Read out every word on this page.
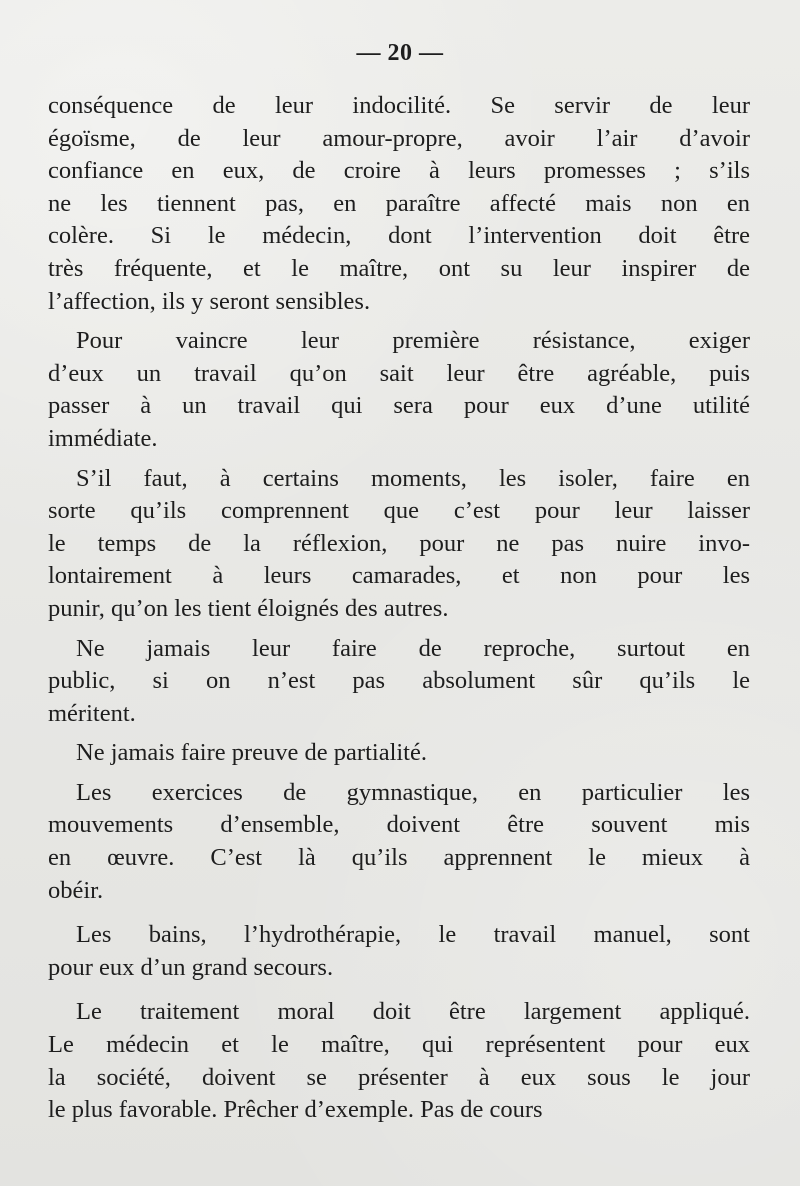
— 20 —
conséquence de leur indocilité. Se servir de leur
égoïsme, de leur amour-propre, avoir l’air d’avoir
confiance en eux, de croire à leurs promesses ; s’ils
ne les tiennent pas, en paraître affecté mais non en
colère. Si le médecin, dont l’intervention doit être
très fréquente, et le maître, ont su leur inspirer de
l’affection, ils y seront sensibles.
Pour vaincre leur première résistance, exiger
d’eux un travail qu’on sait leur être agréable, puis
passer à un travail qui sera pour eux d’une utilité
immédiate.
S’il faut, à certains moments, les isoler, faire en
sorte qu’ils comprennent que c’est pour leur laisser
le temps de la réflexion, pour ne pas nuire invo-
lontairement à leurs camarades, et non pour les
punir, qu’on les tient éloignés des autres.
Ne jamais leur faire de reproche, surtout en
public, si on n’est pas absolument sûr qu’ils le
méritent.
Ne jamais faire preuve de partialité.
Les exercices de gymnastique, en particulier les
mouvements d’ensemble, doivent être souvent mis
en œuvre. C’est là qu’ils apprennent le mieux à
obéir.
Les bains, l’hydrothérapie, le travail manuel, sont
pour eux d’un grand secours.
Le traitement moral doit être largement appliqué.
Le médecin et le maître, qui représentent pour eux
la société, doivent se présenter à eux sous le jour
le plus favorable. Prêcher d’exemple. Pas de cours
